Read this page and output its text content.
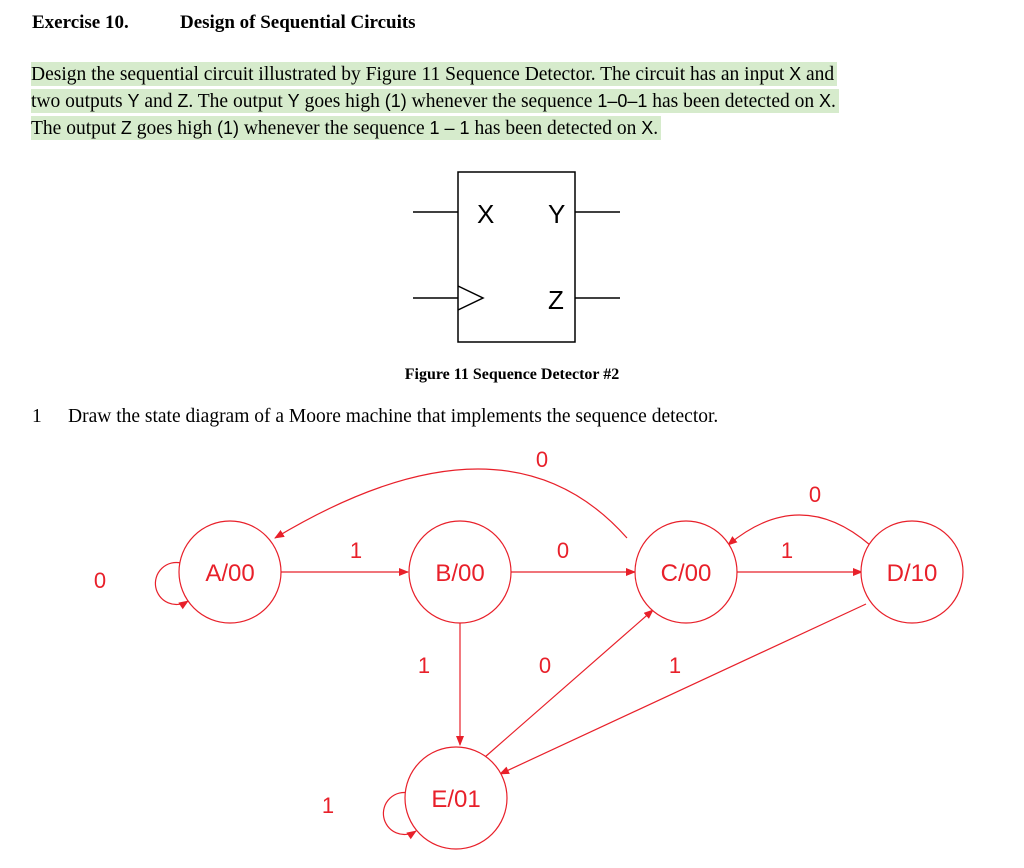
Exercise 10.	Design of Sequential Circuits
Design the sequential circuit illustrated by Figure 11 Sequence Detector. The circuit has an input X and
two outputs Y and Z. The output Y goes high (1) whenever the sequence 1–0–1 has been detected on X.
The output Z goes high (1) whenever the sequence 1 – 1 has been detected on X.
X Y
Z
Figure 11 Sequence Detector #2
1 Draw the state diagram of a Moore machine that implements the sequence detector.
A/00	B/00	C/00	D/10
E/01
0
1	0
1
0
1
0
1
0
1
